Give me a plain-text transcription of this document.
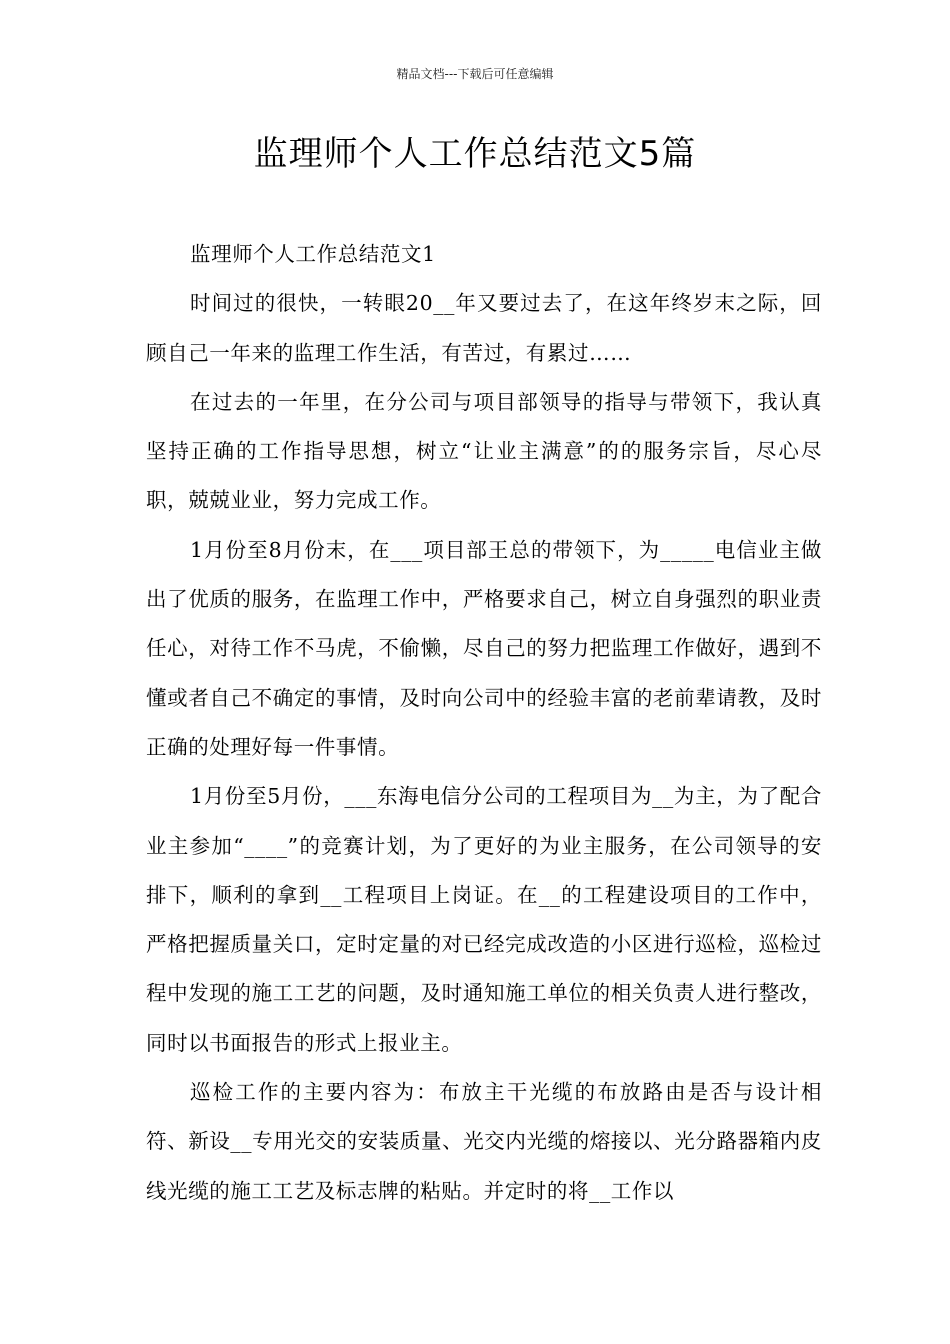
精品文档---下载后可任意编辑
监理师个人工作总结范文5篇

监理师个人工作总结范文1

时间过的很快，一转眼20__年又要过去了，在这年终岁末之际，回顾自己一年来的监理工作生活，有苦过，有累过……

在过去的一年里，在分公司与项目部领导的指导与带领下，我认真坚持正确的工作指导思想，树立“让业主满意”的的服务宗旨，尽心尽职，兢兢业业，努力完成工作。

1月份至8月份末，在___项目部王总的带领下，为_____电信业主做出了优质的服务，在监理工作中，严格要求自己，树立自身强烈的职业责任心，对待工作不马虎，不偷懒，尽自己的努力把监理工作做好，遇到不懂或者自己不确定的事情，及时向公司中的经验丰富的老前辈请教，及时正确的处理好每一件事情。

1月份至5月份，___东海电信分公司的工程项目为__为主，为了配合业主参加“____”的竞赛计划，为了更好的为业主服务，在公司领导的安排下，顺利的拿到__工程项目上岗证。在__的工程建设项目的工作中，严格把握质量关口，定时定量的对已经完成改造的小区进行巡检，巡检过程中发现的施工工艺的问题，及时通知施工单位的相关负责人进行整改，同时以书面报告的形式上报业主。

巡检工作的主要内容为：布放主干光缆的布放路由是否与设计相符、新设__专用光交的安装质量、光交内光缆的熔接以、光分路器箱内皮线光缆的施工工艺及标志牌的粘贴。并定时的将__工作以
